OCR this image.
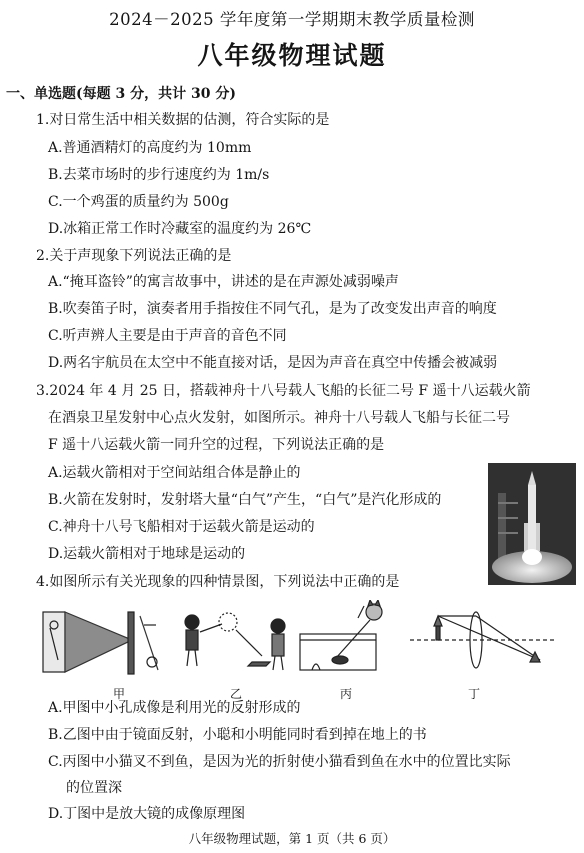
2024－2025 学年度第一学期期末教学质量检测
八年级物理试题
一、单选题(每题 3 分，共计 30 分)
1.对日常生活中相关数据的估测，符合实际的是
A.普通酒精灯的高度约为 10mm
B.去菜市场时的步行速度约为 1m/s
C.一个鸡蛋的质量约为 500g
D.冰箱正常工作时冷藏室的温度约为 26℃
2.关于声现象下列说法正确的是
A.“掩耳盗铃”的寓言故事中，讲述的是在声源处减弱噪声
B.吹奏笛子时，演奏者用手指按住不同气孔，是为了改变发出声音的响度
C.听声辨人主要是由于声音的音色不同
D.两名宇航员在太空中不能直接对话，是因为声音在真空中传播会被减弱
3.2024 年 4 月 25 日，搭载神舟十八号载人飞船的长征二号 F 遥十八运载火箭
在酒泉卫星发射中心点火发射，如图所示。神舟十八号载人飞船与长征二号
F 遥十八运载火箭一同升空的过程，下列说法正确的是
A.运载火箭相对于空间站组合体是静止的
B.火箭在发射时，发射塔大量“白气”产生，“白气”是汽化形成的
C.神舟十八号飞船相对于运载火箭是运动的
D.运载火箭相对于地球是运动的
4.如图所示有关光现象的四种情景图，下列说法中正确的是
甲	乙	丙	丁
A.甲图中小孔成像是利用光的反射形成的
B.乙图中由于镜面反射，小聪和小明能同时看到掉在地上的书
C.丙图中小猫叉不到鱼，是因为光的折射使小猫看到鱼在水中的位置比实际
的位置深
D.丁图中是放大镜的成像原理图
八年级物理试题，第 1 页（共 6 页）
